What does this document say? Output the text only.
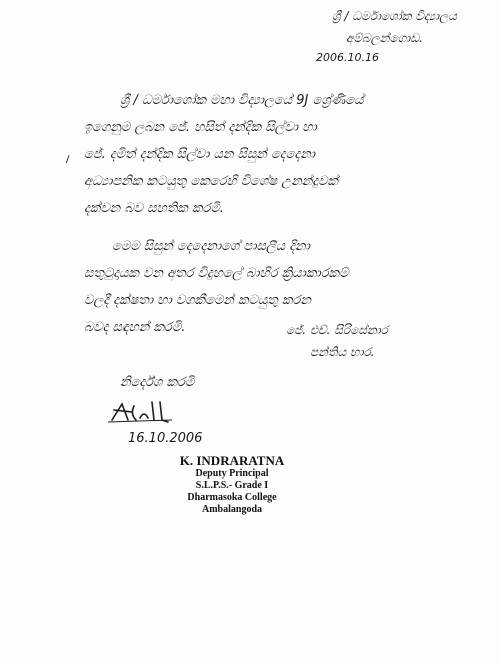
ශ්‍රී / ධර්මාශෝක විද්‍යාලය
අම්බලන්ගොඩ.
2006.10.16
ශ්‍රී / ධර්මාශෝක මහා විද්‍යාලයේ 9J ශ්‍රේණියේ
ඉගෙනුම ලබන ජේ. හසිත් දන්දික සිල්වා හා
ජේ. දමිත් දන්දික සිල්වා යන සිසුන් දෙදෙනා
අධ්‍යාපනික කටයුතු කෙරෙහි විශේෂ උනන්දුවක්
දක්වන බව සහතික කරමි.
මෙම සිසුන් දෙදෙනාගේ පාසලීය දිනා
සතුටුදායක වන අතර විදුහලේ බාහිර ක්‍රියාකාරකම්
වලදී දක්ෂතා හා වගකීමෙන් කටයුතු කරන
බවද සඳහන් කරමි.	ජේ. එච්. සිරිසේනාර
පන්තිය භාර.
නිර්දේශ කරමි
16.10.2006
K. INDRARATNA
Deputy Principal
S.L.P.S.- Grade I
Dharmasoka College
Ambalangoda
